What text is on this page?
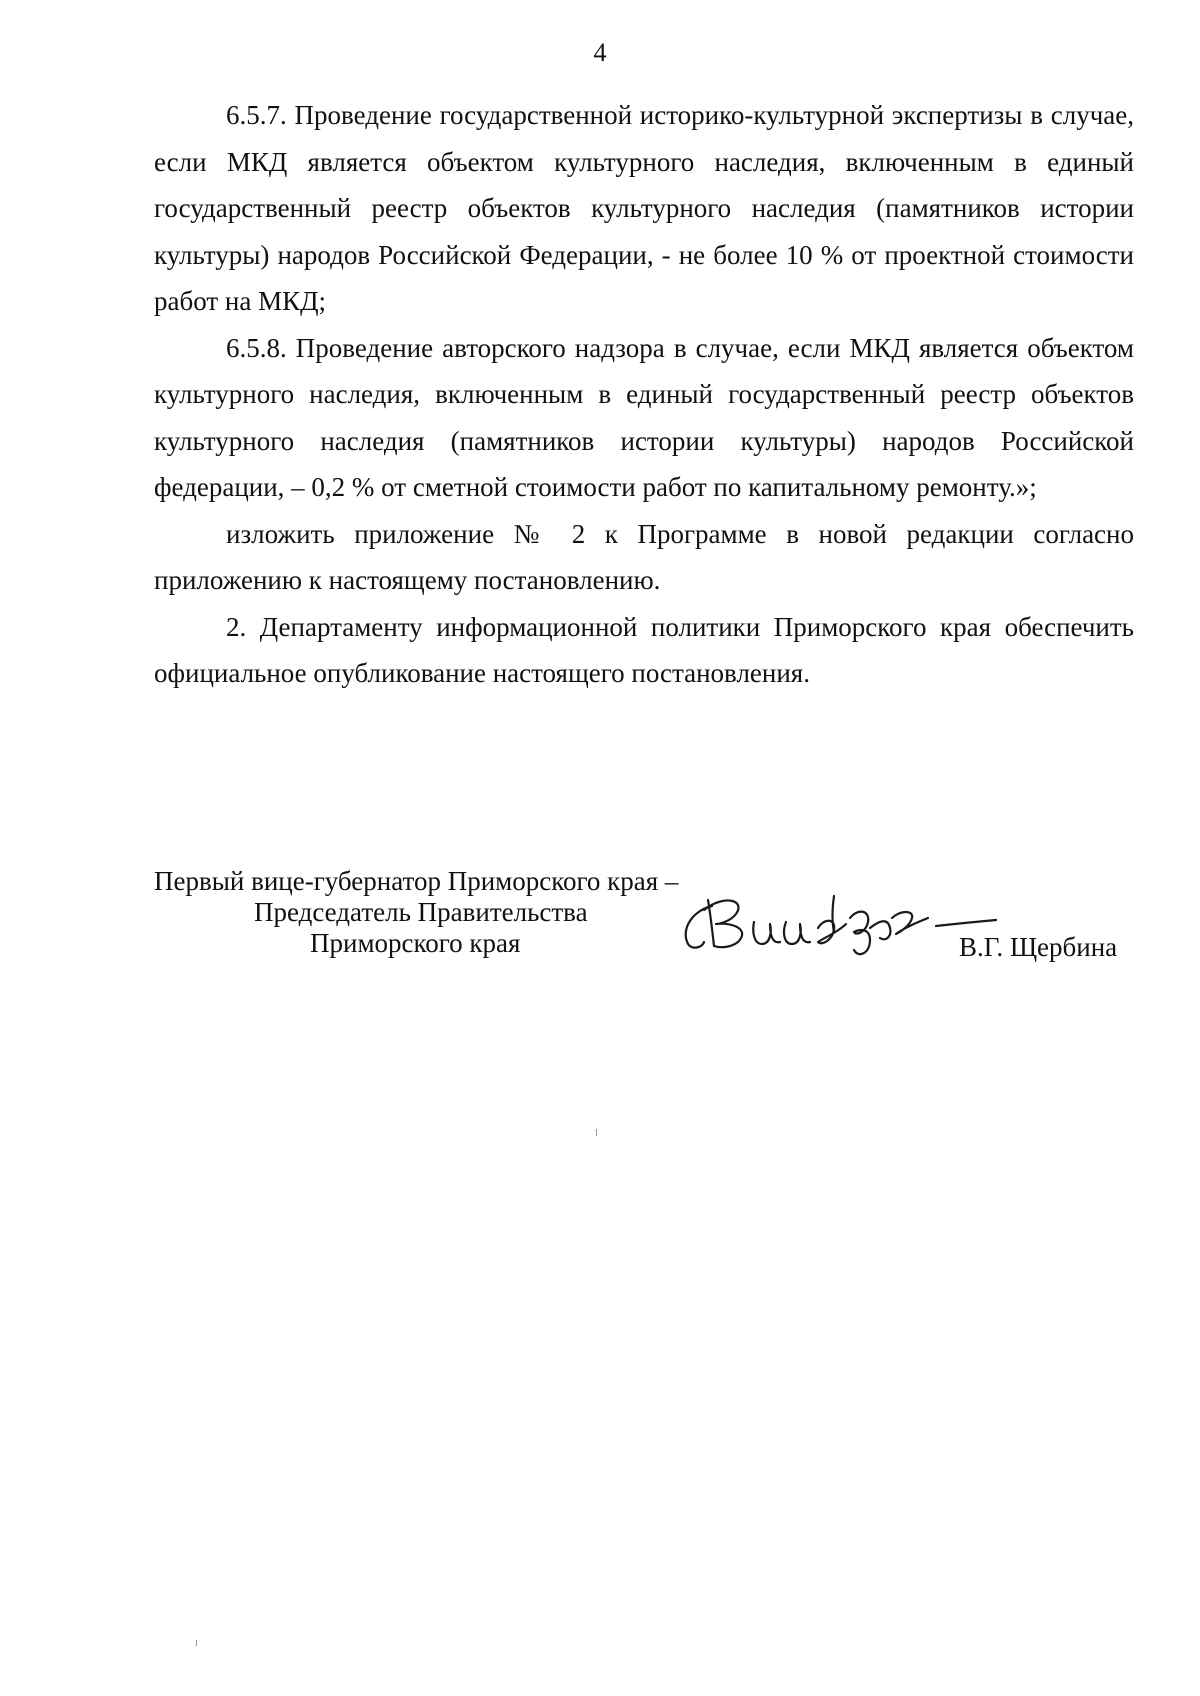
4

6.5.7. Проведение государственной историко-культурной экспертизы в случае, если МКД является объектом культурного наследия, включенным в единый государственный реестр объектов культурного наследия (памятников истории культуры) народов Российской Федерации, - не более 10 % от проектной стоимости работ на МКД;

6.5.8. Проведение авторского надзора в случае, если МКД является объектом культурного наследия, включенным в единый государственный реестр объектов культурного наследия (памятников истории культуры) народов Российской федерации, – 0,2 % от сметной стоимости работ по капитальному ремонту.»;

изложить приложение № 2 к Программе в новой редакции согласно приложению к настоящему постановлению.

2. Департаменту информационной политики Приморского края обеспечить официальное опубликование настоящего постановления.

Первый вице-губернатор Приморского края –
Председатель Правительства
Приморского края	В.Г. Щербина
